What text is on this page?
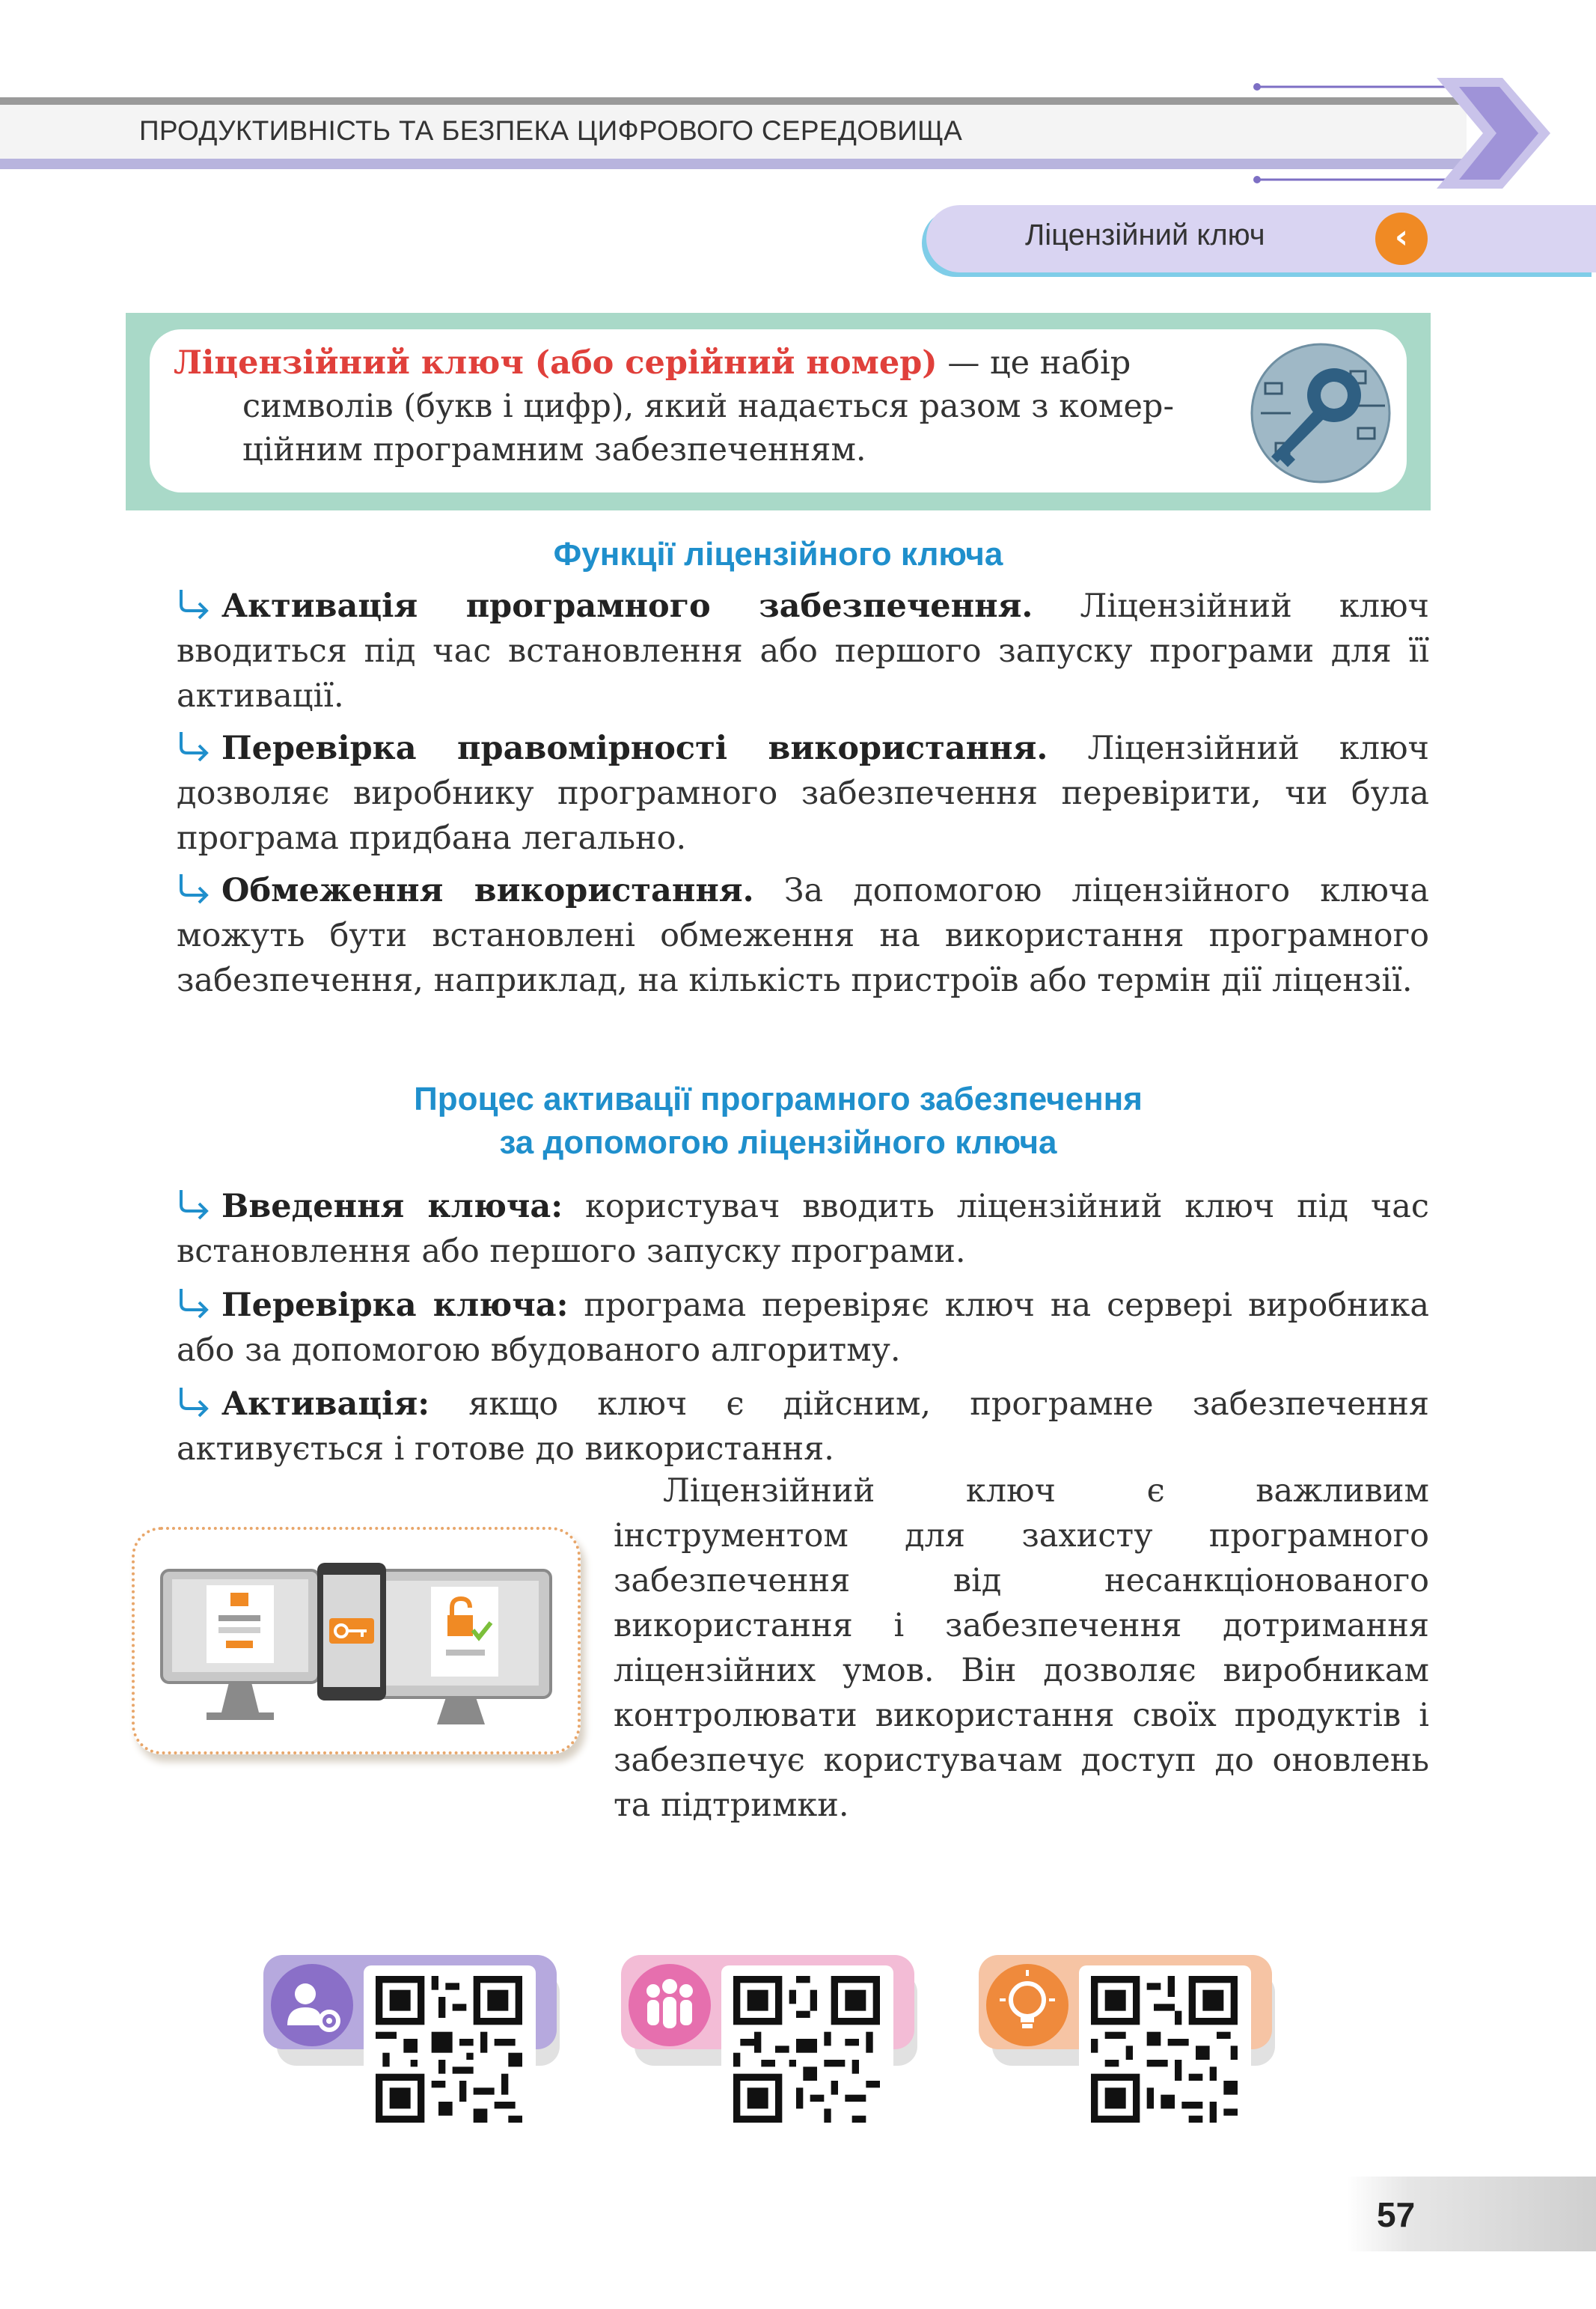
ПРОДУКТИВНІСТЬ ТА БЕЗПЕКА ЦИФРОВОГО СЕРЕДОВИЩА
Ліцензійний ключ	‹
Ліцензійний ключ (або серійний номер) — це набір
символів (букв і цифр), який надається разом з комерційним програмним забезпеченням.
Функції ліцензійного ключа
Активація програмного забезпечення. Ліцензійний ключ вводиться під час встановлення або першого запуску програми для її активації.
Перевірка правомірності використання. Ліцензійний ключ дозволяє виробнику програмного забезпечення перевірити, чи була програма придбана легально.
Обмеження використання. За допомогою ліцензійного ключа можуть бути встановлені обмеження на використання програмного забезпечення, наприклад, на кількість пристроїв або термін дії ліцензії.
Процес активації програмного забезпечення
за допомогою ліцензійного ключа
Введення ключа: користувач вводить ліцензійний ключ під час встановлення або першого запуску програми.
Перевірка ключа: програма перевіряє ключ на сервері виробника або за допомогою вбудованого алгоритму.
Активація: якщо ключ є дійсним, програмне забезпечення активується і готове до використання.
Ліцензійний ключ є важливим інструментом для захисту програмного забезпечення від несанкціонованого використання і забезпечення дотримання ліцензійних умов. Він дозволяє виробникам контролювати використання своїх продуктів і забезпечує користувачам доступ до оновлень та підтримки.
57
